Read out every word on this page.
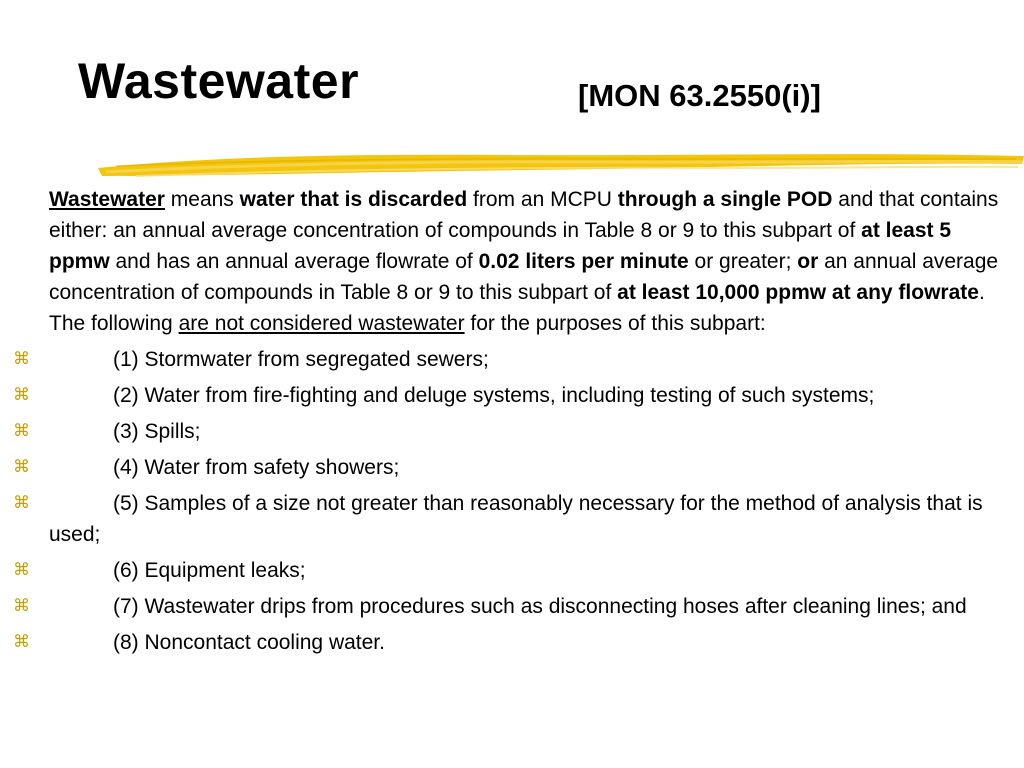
Wastewater	[MON 63.2550(i)]

Wastewater means water that is discarded from an MCPU through a single POD and that contains either: an annual average concentration of compounds in Table 8 or 9 to this subpart of at least 5 ppmw and has an annual average flowrate of 0.02 liters per minute or greater; or an annual average concentration of compounds in Table 8 or 9 to this subpart of at least 10,000 ppmw at any flowrate. The following are not considered wastewater for the purposes of this subpart:

⌘	(1) Stormwater from segregated sewers;
⌘	(2) Water from fire-fighting and deluge systems, including testing of such systems;
⌘	(3) Spills;
⌘	(4) Water from safety showers;
⌘	(5) Samples of a size not greater than reasonably necessary for the method of analysis that is used;
⌘	(6) Equipment leaks;
⌘	(7) Wastewater drips from procedures such as disconnecting hoses after cleaning lines; and
⌘	(8) Noncontact cooling water.
